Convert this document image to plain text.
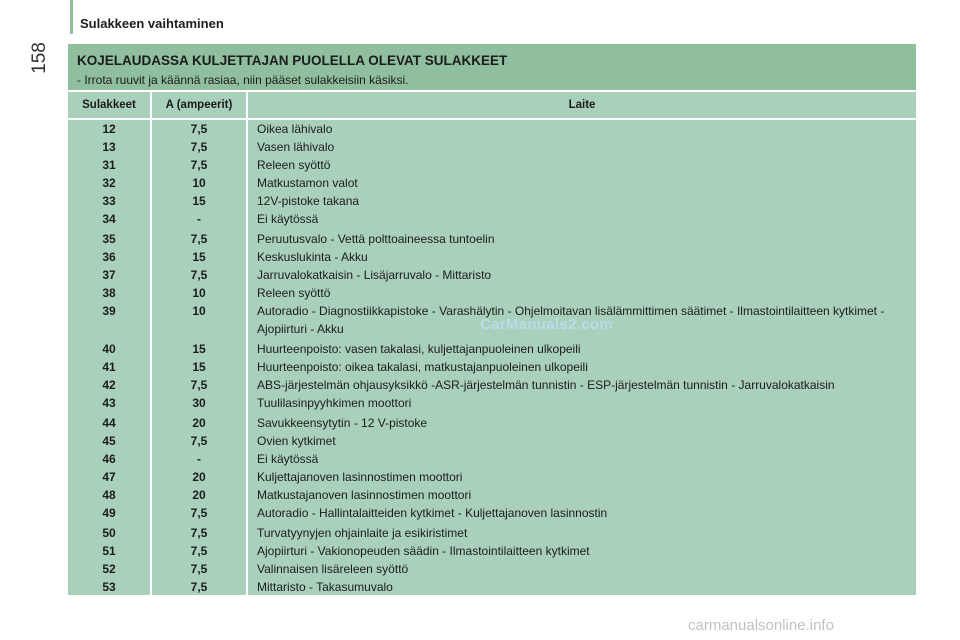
Sulakkeen vaihtaminen
158 KOJELAUDASSA KULJETTAJAN PUOLELLA OLEVAT SULAKKEET
- Irrota ruuvit ja käännä rasiaa, niin pääset sulakkeisiin käsiksi.
Sulakkeet	A (ampeerit)	Laite
12	7,5	Oikea lähivalo
13	7,5	Vasen lähivalo
31	7,5	Releen syöttö
32	10	Matkustamon valot
33	15	12V-pistoke takana
34	-	Ei käytössä
35	7,5	Peruutusvalo - Vettä polttoaineessa tuntoelin
36	15	Keskuslukinta - Akku
37	7,5	Jarruvalokatkaisin - Lisäjarruvalo - Mittaristo
38	10	Releen syöttö
39	10	Autoradio - Diagnostiikkapistoke - Varashälytin - Ohjelmoitavan lisälämmittimen säätimet - Ilmastointilaitteen kytkimet - Ajopiirturi - Akku
40	15	Huurteenpoisto: vasen takalasi, kuljettajanpuoleinen ulkopeili
41	15	Huurteenpoisto: oikea takalasi, matkustajanpuoleinen ulkopeili
42	7,5	ABS-järjestelmän ohjausyksikkö -ASR-järjestelmän tunnistin - ESP-järjestelmän tunnistin - Jarruvalokatkaisin
43	30	Tuulilasinpyyhkimen moottori
44	20	Savukkeensytytin - 12 V-pistoke
45	7,5	Ovien kytkimet
46	-	Ei käytössä
47	20	Kuljettajanoven lasinnostimen moottori
48	20	Matkustajanoven lasinnostimen moottori
49	7,5	Autoradio - Hallintalaitteiden kytkimet - Kuljettajanoven lasinnostin
50	7,5	Turvatyynyjen ohjainlaite ja esikiristimet
51	7,5	Ajopiirturi - Vakionopeuden säädin - Ilmastointilaitteen kytkimet
52	7,5	Valinnaisen lisäreleen syöttö
53	7,5	Mittaristo - Takasumuvalo
CarManuals2.com
carmanualsonline.info
